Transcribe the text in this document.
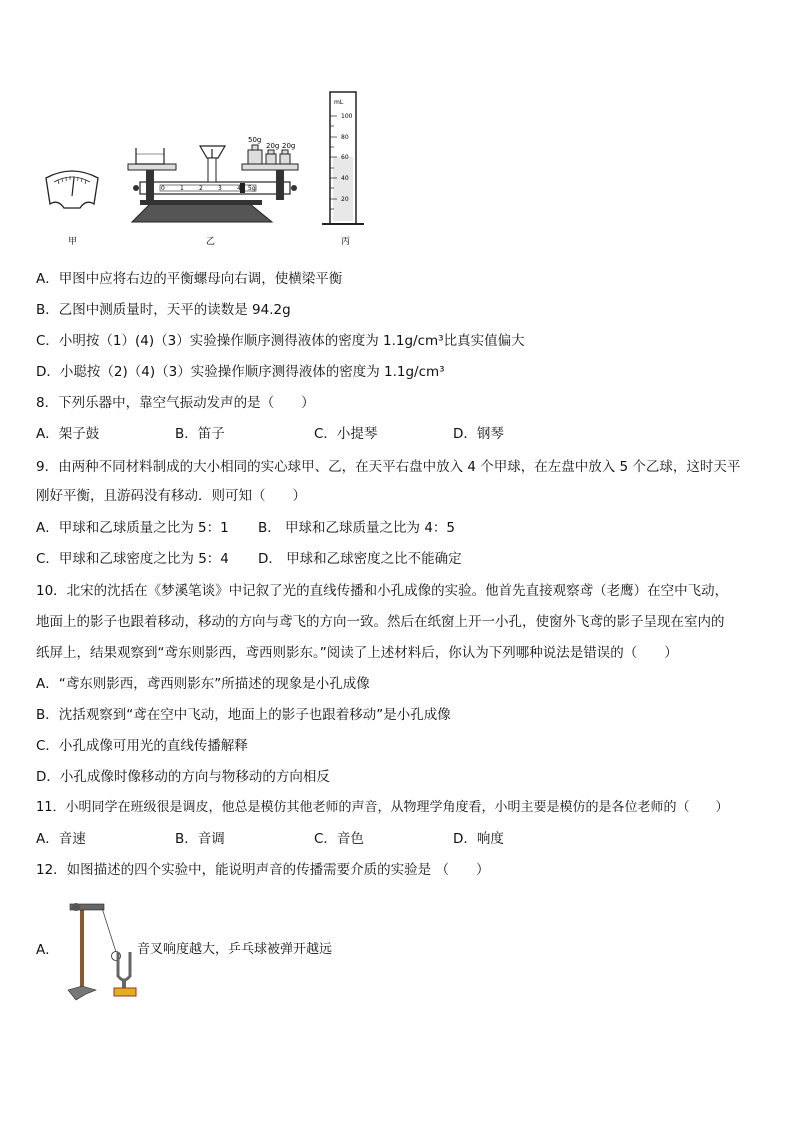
甲
50g
20g 20g
0	1	2	3	4 5g
乙
mL
100
80
60
40
20
丙
A．甲图中应将右边的平衡螺母向右调，使横梁平衡
B．乙图中测质量时，天平的读数是 94.2g
C．小明按（1）(4)（3）实验操作顺序测得液体的密度为 1.1g/cm³比真实值偏大
D．小聪按（2)（4)（3）实验操作顺序测得液体的密度为 1.1g/cm³
8．下列乐器中，靠空气振动发声的是（　　）
A．架子鼓	B．笛子	C．小提琴	D．钢琴
9．由两种不同材料制成的大小相同的实心球甲、乙，在天平右盘中放入 4 个甲球，在左盘中放入 5 个乙球，这时天平
刚好平衡，且游码没有移动．则可知（　　）
A．甲球和乙球质量之比为 5：1 B． 甲球和乙球质量之比为 4：5
C．甲球和乙球密度之比为 5：4 D． 甲球和乙球密度之比不能确定
10．北宋的沈括在《梦溪笔谈》中记叙了光的直线传播和小孔成像的实验。他首先直接观察鸢（老鹰）在空中飞动，
地面上的影子也跟着移动，移动的方向与鸢飞的方向一致。然后在纸窗上开一小孔，使窗外飞鸢的影子呈现在室内的
纸屏上，结果观察到“鸢东则影西，鸢西则影东。”阅读了上述材料后，你认为下列哪种说法是错误的（　　）
A．“鸢东则影西，鸢西则影东”所描述的现象是小孔成像
B．沈括观察到“鸢在空中飞动，地面上的影子也跟着移动”是小孔成像
C．小孔成像可用光的直线传播解释
D．小孔成像时像移动的方向与物移动的方向相反
11．小明同学在班级很是调皮，他总是模仿其他老师的声音，从物理学角度看，小明主要是模仿的是各位老师的（　　）
A．音速	B．音调	C．音色	D．响度
12．如图描述的四个实验中，能说明声音的传播需要介质的实验是 （　　）
A．	音叉响度越大，乒乓球被弹开越远
